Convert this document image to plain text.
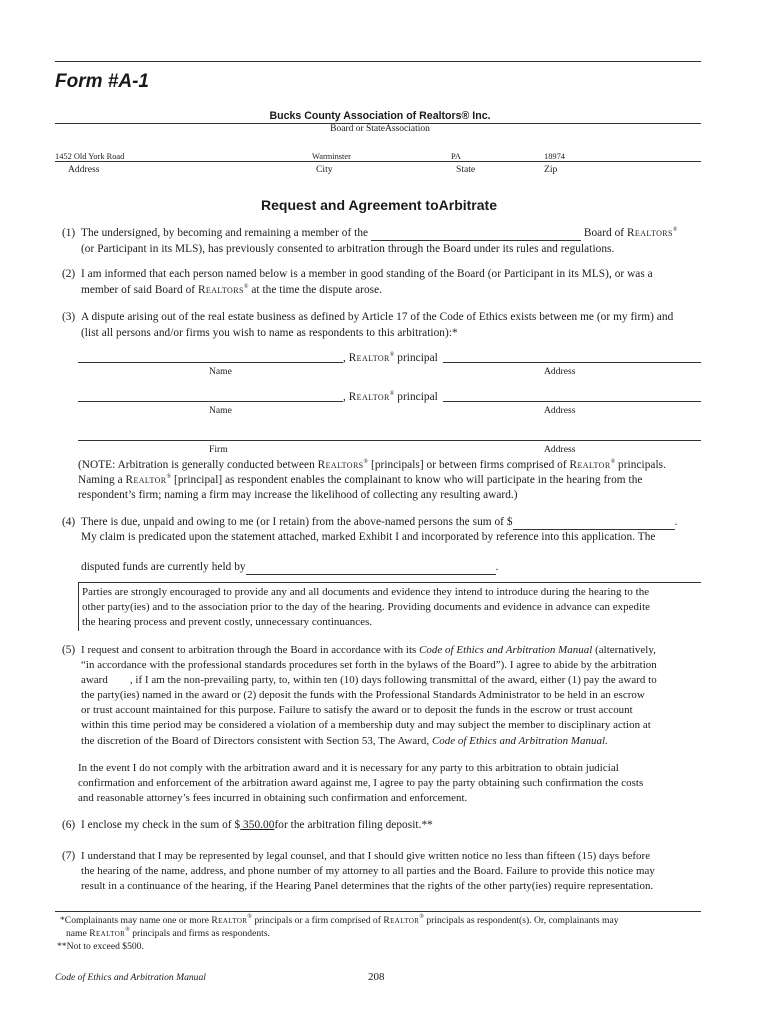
Form #A-1
Bucks County Association of Realtors® Inc.
Board or StateAssociation
1452 Old York Road	Warminster	PA	18974
Address	City	State	Zip
Request and Agreement toArbitrate
(1) The undersigned, by becoming and remaining a member of the	Board of Realtors®
(or Participant in its MLS), has previously consented to arbitration through the Board under its rules and regulations.
(2) I am informed that each person named below is a member in good standing of the Board (or Participant in its MLS), or was a
member of said Board of Realtors® at the time the dispute arose.
(3) A dispute arising out of the real estate business as defined by Article 17 of the Code of Ethics exists between me (or my firm) and
(list all persons and/or firms you wish to name as respondents to this arbitration):*
, Realtor® principal
Name	Address
, Realtor® principal
Name	Address
Firm	Address
(NOTE: Arbitration is generally conducted between Realtors® [principals] or between firms comprised of Realtor® principals.
Naming a Realtor® [principal] as respondent enables the complainant to know who will participate in the hearing from the
respondent’s firm; naming a firm may increase the likelihood of collecting any resulting award.)
(4) There is due, unpaid and owing to me (or I retain) from the above-named persons the sum of $	.
My claim is predicated upon the statement attached, marked Exhibit I and incorporated by reference into this application. The
disputed funds are currently held by	.
Parties are strongly encouraged to provide any and all documents and evidence they intend to introduce during the hearing to the
other party(ies) and to the association prior to the day of the hearing. Providing documents and evidence in advance can expedite
the hearing process and prevent costly, unnecessary continuances.
(5) I request and consent to arbitration through the Board in accordance with its Code of Ethics and Arbitration Manual (alternatively,
“in accordance with the professional standards procedures set forth in the bylaws of the Board”). I agree to abide by the arbitration
award , if I am the non-prevailing party, to, within ten (10) days following transmittal of the award, either (1) pay the award to
the party(ies) named in the award or (2) deposit the funds with the Professional Standards Administrator to be held in an escrow
or trust account maintained for this purpose. Failure to satisfy the award or to deposit the funds in the escrow or trust account
within this time period may be considered a violation of a membership duty and may subject the member to disciplinary action at
the discretion of the Board of Directors consistent with Section 53, The Award, Code of Ethics and Arbitration Manual.
In the event I do not comply with the arbitration award and it is necessary for any party to this arbitration to obtain judicial
confirmation and enforcement of the arbitration award against me, I agree to pay the party obtaining such confirmation the costs
and reasonable attorney’s fees incurred in obtaining such confirmation and enforcement.
(6) I enclose my check in the sum of $ 350.00for the arbitration filing deposit.**
(7) I understand that I may be represented by legal counsel, and that I should give written notice no less than fifteen (15) days before
the hearing of the name, address, and phone number of my attorney to all parties and the Board. Failure to provide this notice may
result in a continuance of the hearing, if the Hearing Panel determines that the rights of the other party(ies) require representation.
*Complainants may name one or more Realtor® principals or a firm comprised of Realtor® principals as respondent(s). Or, complainants may
name Realtor® principals and firms as respondents.
**Not to exceed $500.
Code of Ethics and Arbitration Manual	208
